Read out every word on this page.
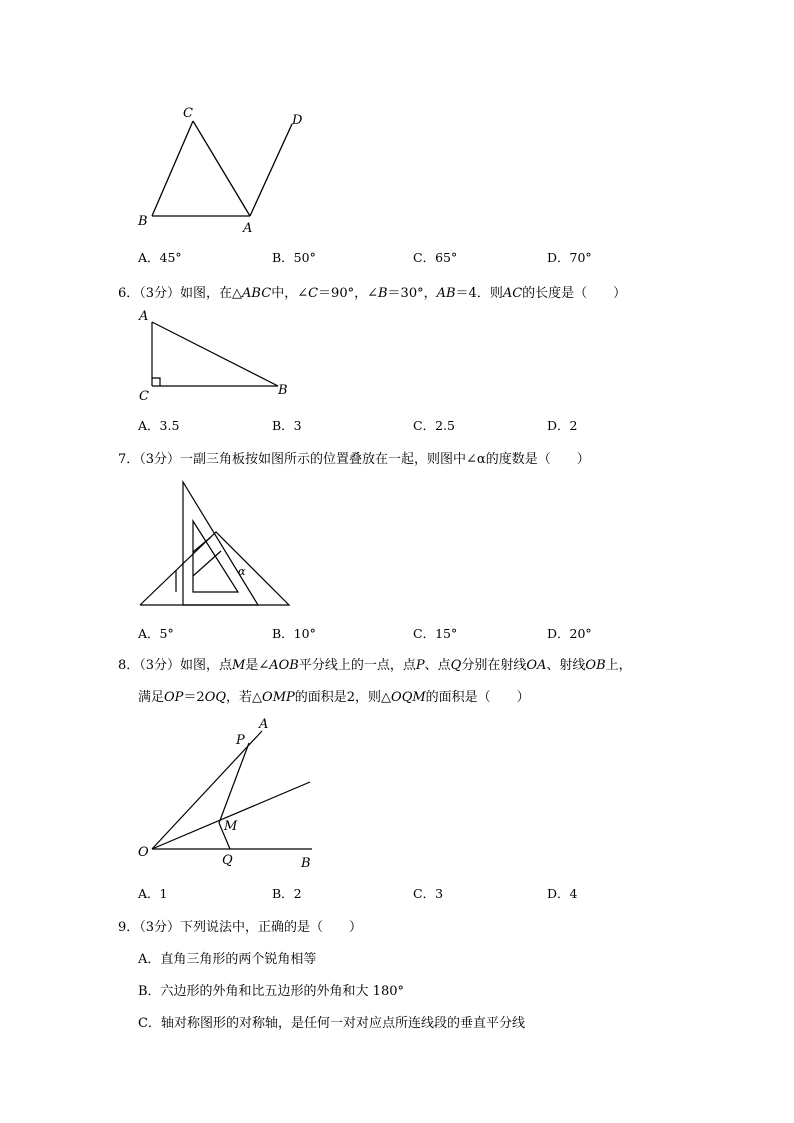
C	D
B	A
A．45°	B．50°	C．65°	D．70°
6．（3分）如图，在△ABC中，∠C＝90°，∠B＝30°，AB＝4．则AC的长度是（　　）
A
C	B
A．3.5	B．3	C．2.5	D．2
7．（3分）一副三角板按如图所示的位置叠放在一起，则图中∠α的度数是（　　）
α
A．5°	B．10°	C．15°	D．20°
8．（3分）如图，点M是∠AOB平分线上的一点，点P、点Q分别在射线OA、射线OB上，
满足OP＝2OQ，若△OMP的面积是2，则△OQM的面积是（　　）
A
P
M
O
Q	B
A．1	B．2	C．3	D．4
9．（3分）下列说法中，正确的是（　　）
A．直角三角形的两个锐角相等
B．六边形的外角和比五边形的外角和大 180°
C．轴对称图形的对称轴，是任何一对对应点所连线段的垂直平分线
